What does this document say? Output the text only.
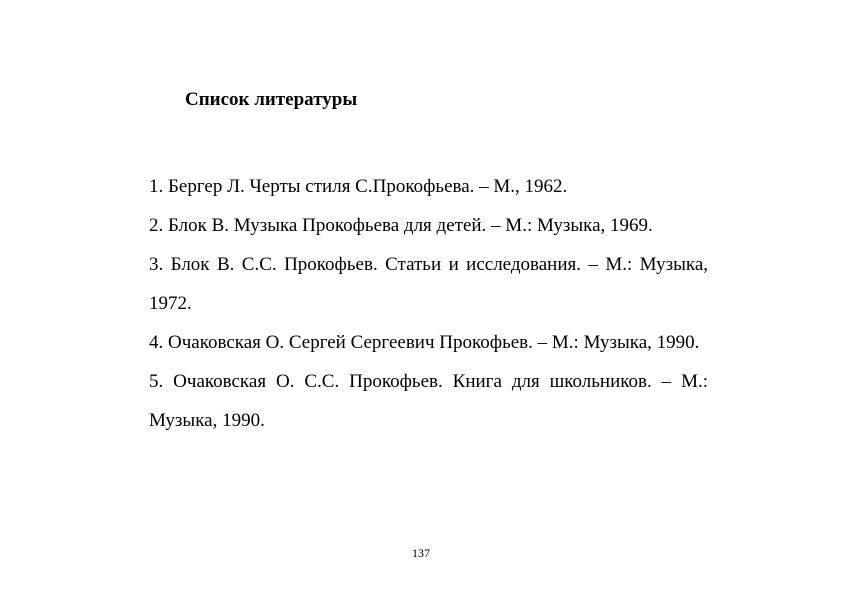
Список литературы
1. Бергер Л. Черты стиля С.Прокофьева. – М., 1962.
2. Блок В. Музыка Прокофьева для детей. – М.: Музыка, 1969.
3. Блок В. С.С. Прокофьев. Статьи и исследования. – М.: Музыка, 1972.
4. Очаковская О. Сергей Сергеевич Прокофьев. – М.: Музыка, 1990.
5. Очаковская О. С.С. Прокофьев. Книга для школьников. – М.: Музыка, 1990.
137
